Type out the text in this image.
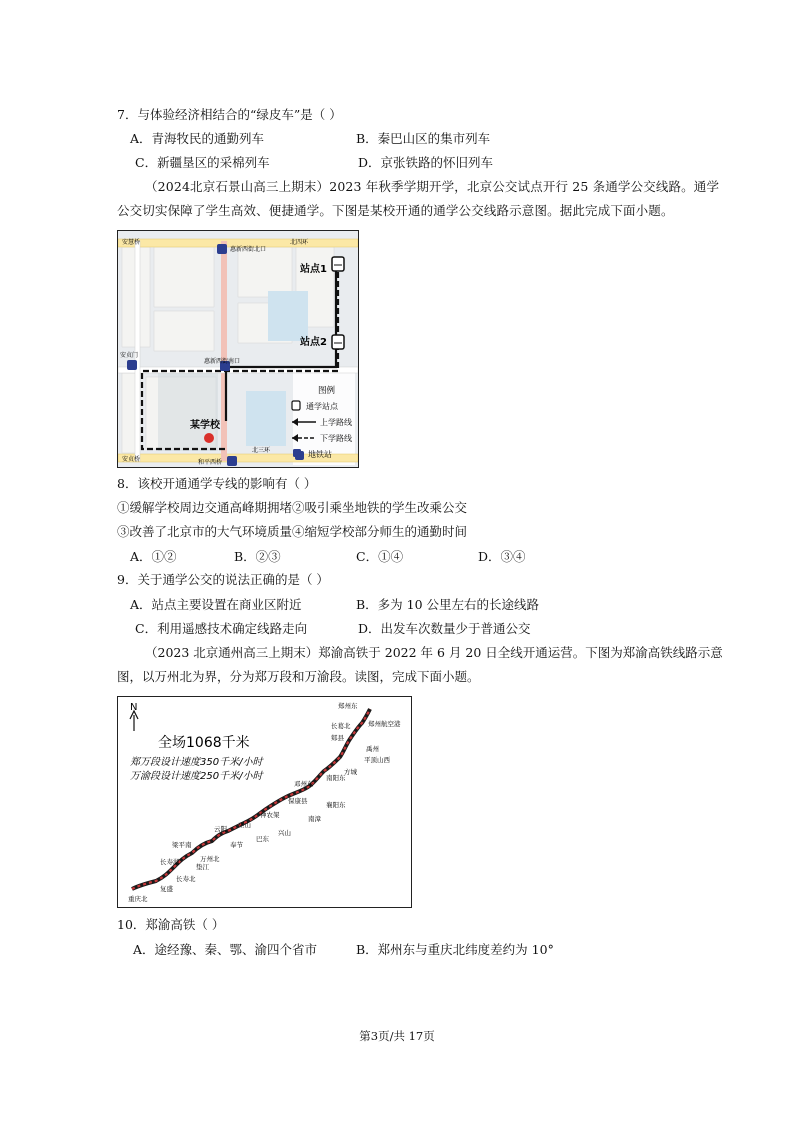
7．与体验经济相结合的“绿皮车”是（ ）
A．青海牧民的通勤列车	B．秦巴山区的集市列车
C．新疆垦区的采棉列车	D．京张铁路的怀旧列车
（2024北京石景山高三上期末）2023 年秋季学期开学，北京公交试点开行 25 条通学公交线路。通学
公交切实保障了学生高效、便捷通学。下图是某校开通的通学公交线路示意图。据此完成下面小题。
安慧桥
惠新西街北口
北四环
安贞门
惠新西街南口
安贞桥	和平西桥
北三环
站点1
站点2
某学校
图例
通学站点
上学路线
下学路线
地铁站
8．该校开通通学专线的影响有（ ）
①缓解学校周边交通高峰期拥堵②吸引乘坐地铁的学生改乘公交
③改善了北京市的大气环境质量④缩短学校部分师生的通勤时间
A．①②	B．②③	C．①④	D．③④
9．关于通学公交的说法正确的是（ ）
A．站点主要设置在商业区附近	B．多为 10 公里左右的长途线路
C．利用遥感技术确定线路走向	D．出发车次数量少于普通公交
（2023 北京通州高三上期末）郑渝高铁于 2022 年 6 月 20 日全线开通运营。下图为郑渝高铁线路示意
图，以万州北为界，分为郑万段和万渝段。读图，完成下面小题。
N
全场1068千米
郑万段设计速度350千米/小时
万渝段设计速度250千米/小时
郑州东
长葛北	郑州航空港
郏县
禹州
平顶山西
方城
南阳东
邓州东
襄阳东
保康县
南漳
神农架
兴山
巫山
巴东
云阳
奉节
万州北
梁平南
垫江
长寿湖
长寿北
复盛
重庆北
10．郑渝高铁（ ）
A．途经豫、秦、鄂、渝四个省市	B．郑州东与重庆北纬度差约为 10°
第3页/共 17页
